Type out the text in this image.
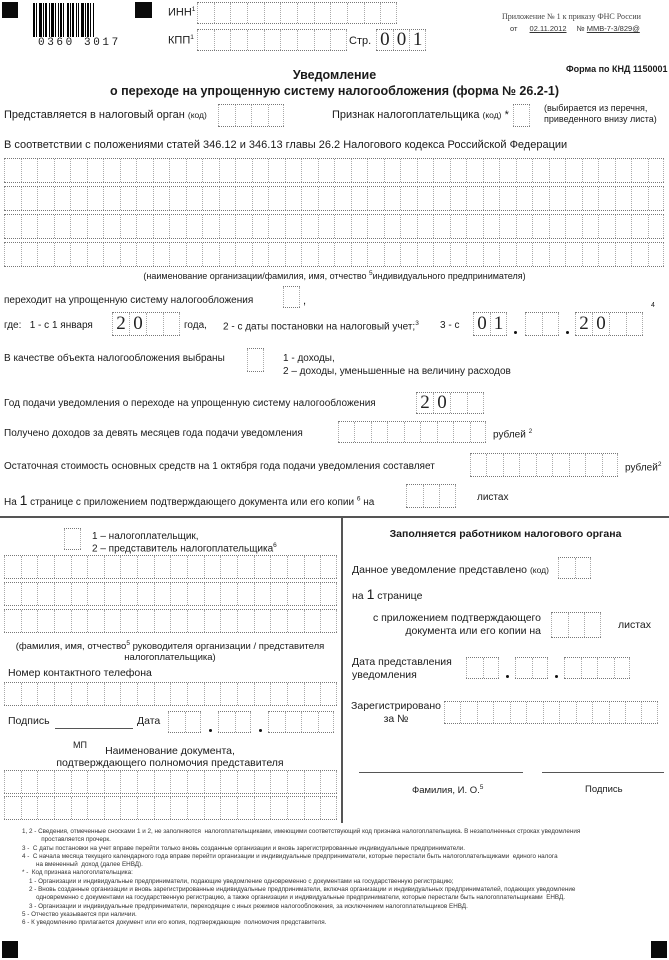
0360 3017
ИНН$^1$
КПП$^1$	Стр. 0 0 1
Приложение № 1 к приказу ФНС России
от 02.11.2012 № ММВ-7-3/829@
Форма по КНД 1150001
Уведомление
о переходе на упрощенную систему налогообложения (форма № 26.2-1)
Представляется в налоговый орган (код)	Признак налогоплательщика (код) *
(выбирается из перечня,
приведенного внизу листа)
В соответствии с положениями статей 346.12 и 346.13 главы 26.2 Налогового кодекса Российской Федерации
(наименование организации/фамилия, имя, отчество $^5$индивидуального предпринимателя)
переходит на упрощенную систему налогообложения	,
где: 1 - с 1 января 2 0	года, 2 - с даты постановки на налоговый учет;$^3$ 3 - с 0 1	2 0
4
В качестве объекта налогообложения выбраны	1 - доходы,
2 – доходы, уменьшенные на величину расходов
Год подачи уведомления о переходе на упрощенную систему налогообложения 2 0
Получено доходов за девять месяцев года подачи уведомления	рублей $^2$
Остаточная стоимость основных средств на 1 октября года подачи уведомления составляет	рублей$^2$
На 1 странице с приложением подтверждающего документа или его копии $^6$ на	листах
1 – налогоплательщик,
2 – представитель налогоплательщика$^6$
(фамилия, имя, отчество$^5$ руководителя организации / представителя
налогоплательщика)
Номер контактного телефона
Подпись	Дата
МП	Наименование документа,
подтверждающего полномочия представителя
Заполняется работником налогового органа
Данное уведомление представлено (код)
на 1 странице
с приложением подтверждающего
документа или его копии на	листах
Дата представления
уведомления
Зарегистрировано
за №
Фамилия, И. О.$^5$	Подпись
1, 2 - Сведения, отмеченные сносками 1 и 2, не заполняются  налогоплательщиками, имеющими соответствующий код признака налогоплательщика. В незаполненных строках уведомления
проставляется прочерк.
3 -  С даты постановки на учет вправе перейти только вновь созданные организации и вновь зарегистрированные индивидуальные предприниматели.
4 -  С начала месяца текущего календарного года вправе перейти организации и индивидуальные предприниматели, которые перестали быть налогоплательщиками  единого налога
на вмененный  доход (далее ЕНВД).
* -  Код признака налогоплательщика:
1 - Организации и индивидуальные предприниматели, подающие уведомление одновременно с документами на государственную регистрацию;
2 - Вновь созданные организации и вновь зарегистрированные индивидуальные предприниматели, включая организации и индивидуальных предпринимателей, подающих уведомление
одновременно с документами на государственную регистрацию, а также организации и индивидуальные предприниматели, которые перестали быть налогоплательщиками  ЕНВД.
3 - Организации и индивидуальные предприниматели, переходящие с иных режимов налогообложения, за исключением налогоплательщиков ЕНВД.
5 - Отчество указывается при наличии.
6 - К уведомлению прилагается документ или его копия, подтверждающие  полномочия представителя.
